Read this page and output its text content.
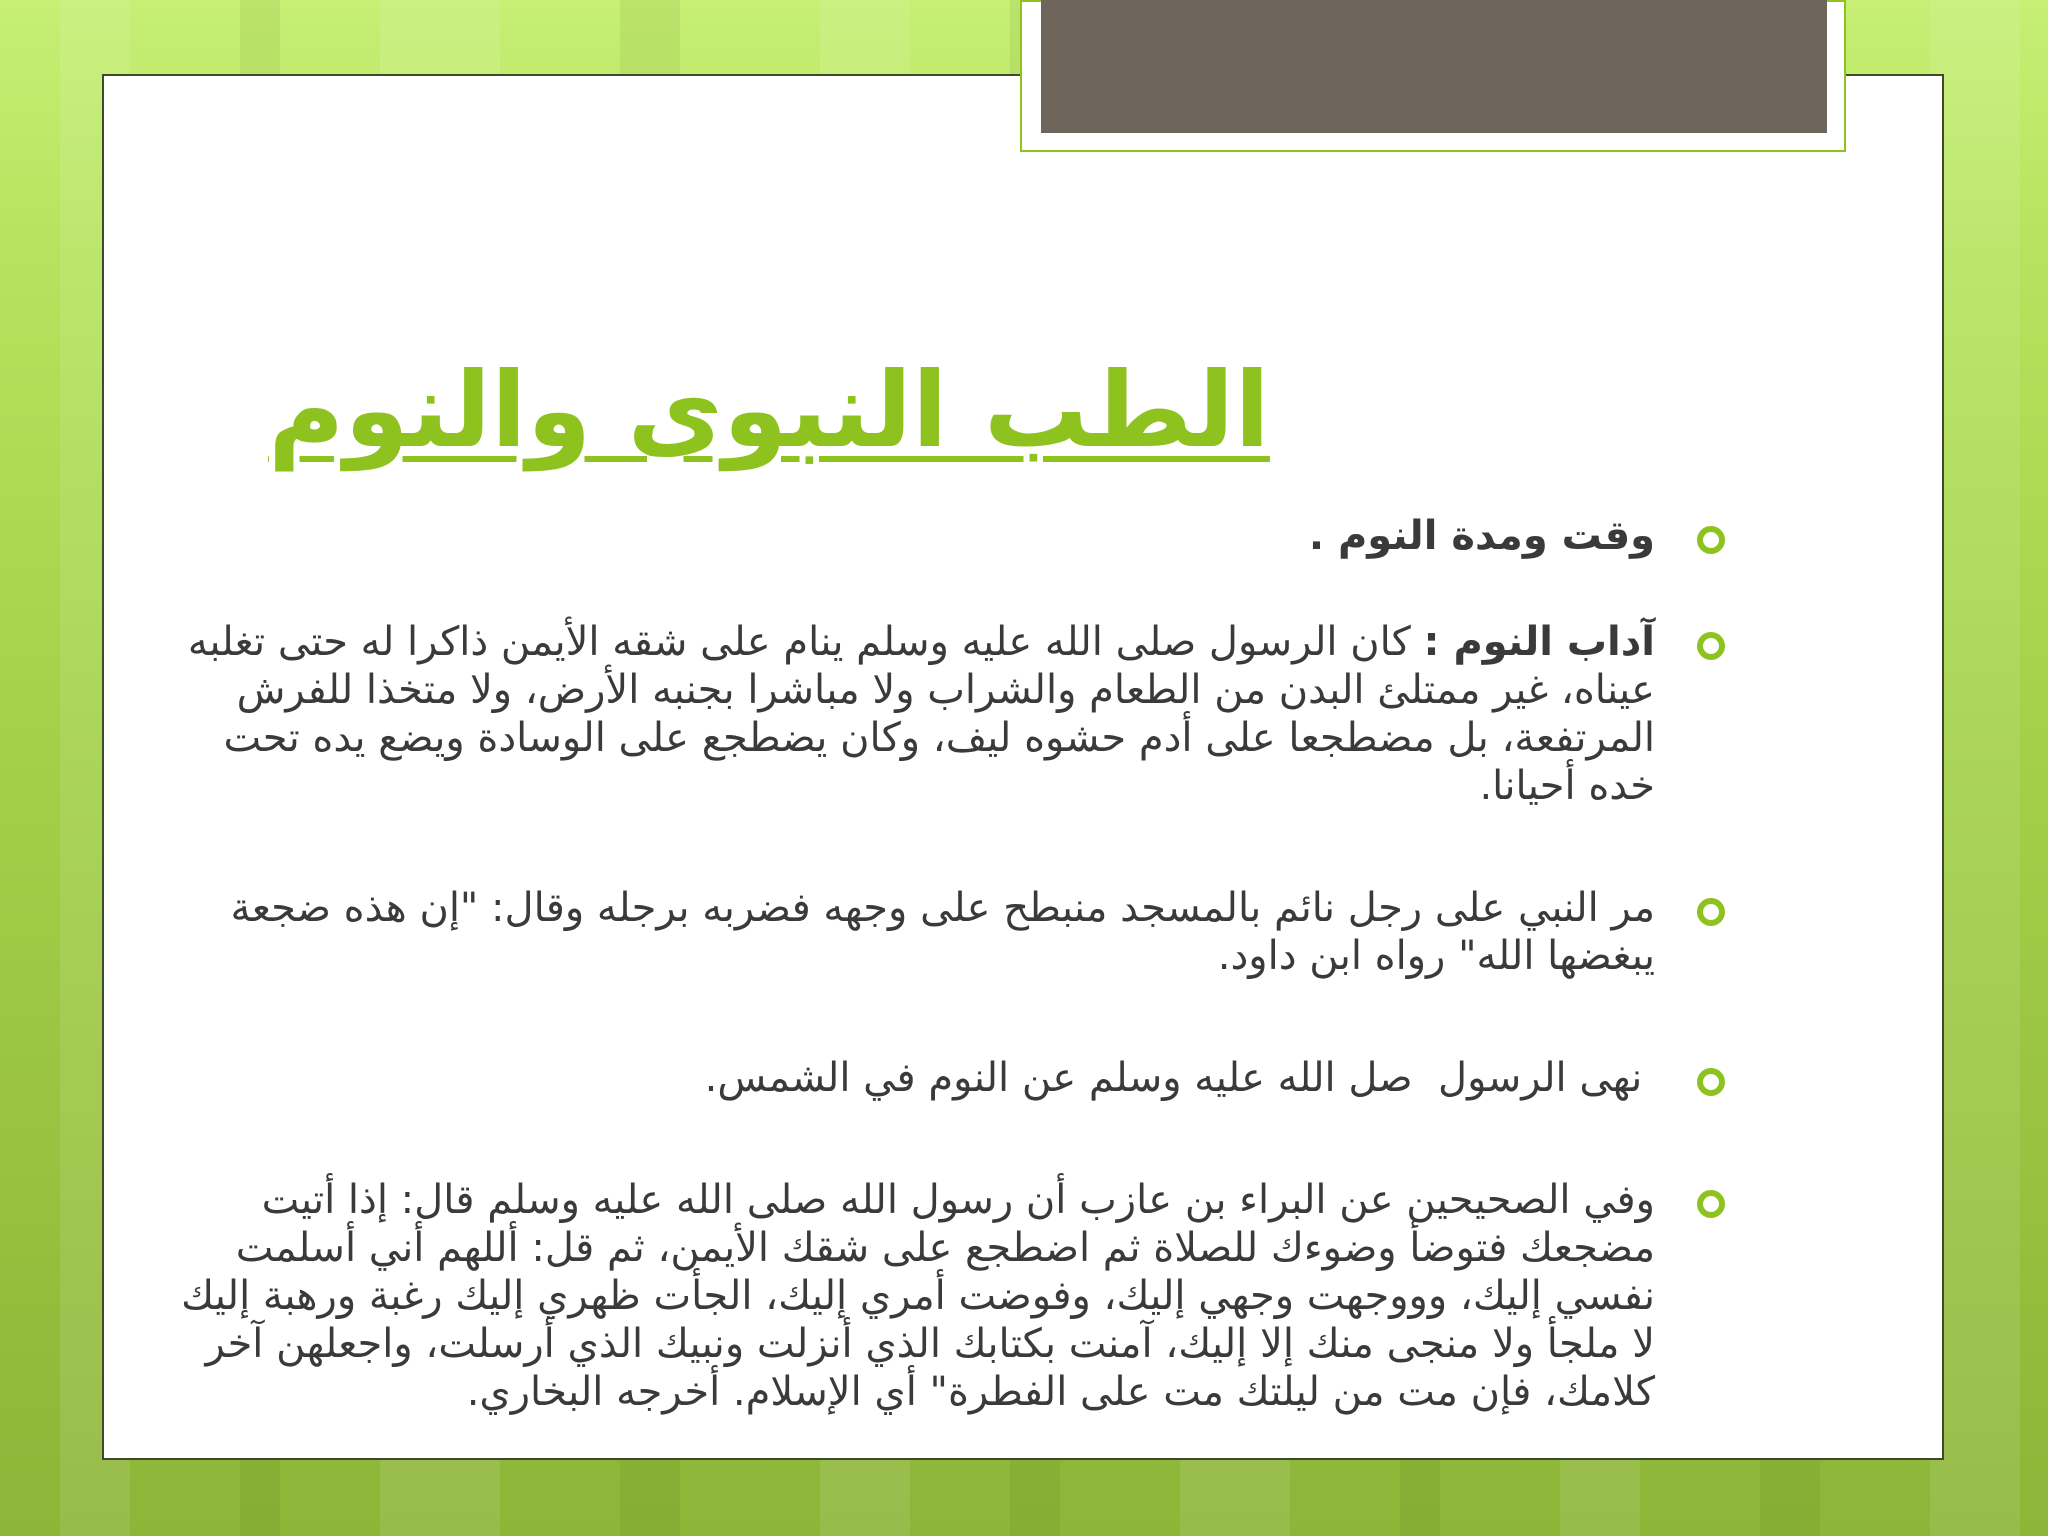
الطب النبوى والنوم
وقت ومدة النوم .
آداب النوم : كان الرسول صلى الله عليه وسلم ينام على شقه الأيمن ذاكرا له حتى تغلبه عيناه، غير ممتلئ البدن من الطعام والشراب ولا مباشرا بجنبه الأرض، ولا متخذا للفرش المرتفعة، بل مضطجعا على أدم حشوه ليف، وكان يضطجع على الوسادة ويضع يده تحت خده أحيانا.
مر النبي على رجل نائم بالمسجد منبطح على وجهه فضربه برجله وقال: "إن هذه ضجعة يبغضها الله" رواه ابن داود.
نهى الرسول  صل الله عليه وسلم عن النوم في الشمس.
وفي الصحيحين عن البراء بن عازب أن رسول الله صلى الله عليه وسلم قال: إذا أتيت مضجعك فتوضأ وضوءك للصلاة ثم اضطجع على شقك الأيمن، ثم قل: أللهم أني أسلمت نفسي إليك، وووجهت وجهي إليك، وفوضت أمري إليك، الجأت ظهري إليك رغبة ورهبة إليك لا ملجأ ولا منجى منك إلا إليك، آمنت بكتابك الذي أنزلت ونبيك الذي أرسلت، واجعلهن آخر كلامك، فإن مت من ليلتك مت على الفطرة" أي الإسلام. أخرجه البخاري.
